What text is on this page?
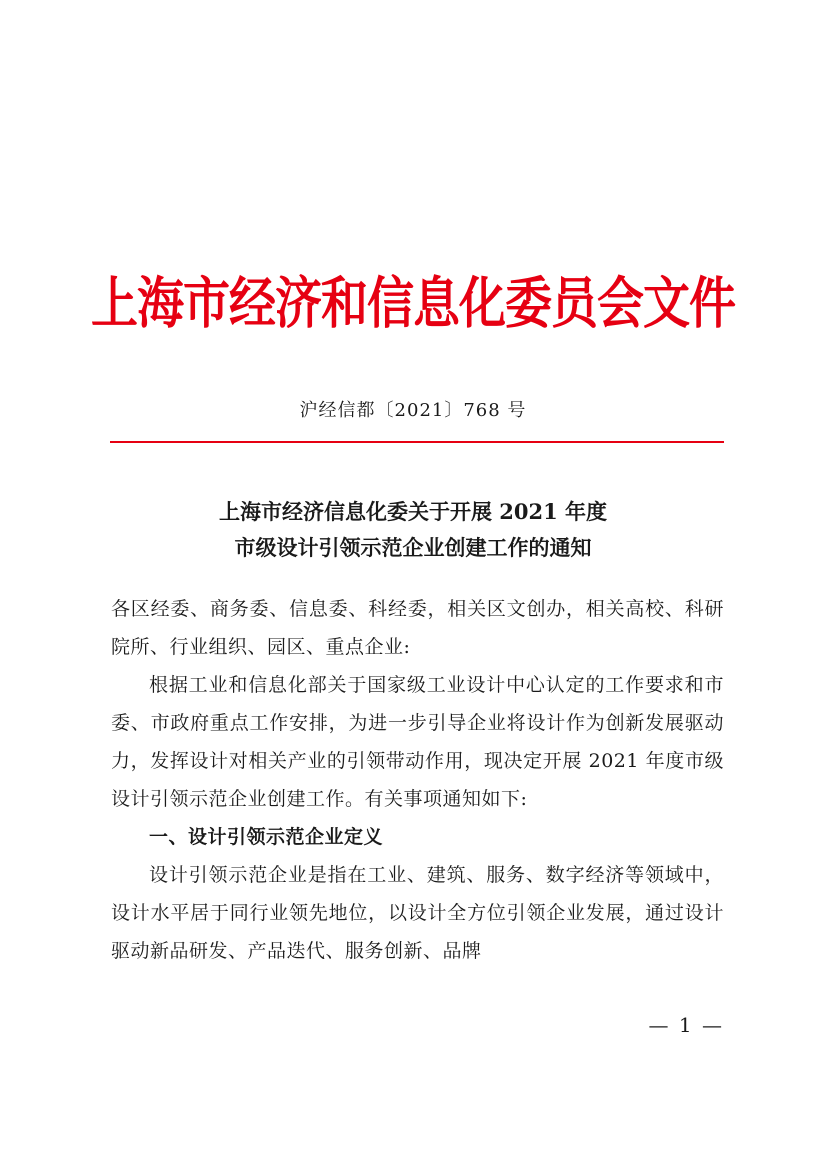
上海市经济和信息化委员会文件
沪经信都〔2021〕768 号
上海市经济信息化委关于开展 2021 年度
市级设计引领示范企业创建工作的通知

各区经委、商务委、信息委、科经委，相关区文创办，相关高校、科研院所、行业组织、园区、重点企业:

根据工业和信息化部关于国家级工业设计中心认定的工作要求和市委、市政府重点工作安排，为进一步引导企业将设计作为创新发展驱动力，发挥设计对相关产业的引领带动作用，现决定开展 2021 年度市级设计引领示范企业创建工作。有关事项通知如下:

一、设计引领示范企业定义

设计引领示范企业是指在工业、建筑、服务、数字经济等领域中，设计水平居于同行业领先地位，以设计全方位引领企业发展，通过设计驱动新品研发、产品迭代、服务创新、品牌

— 1 —
